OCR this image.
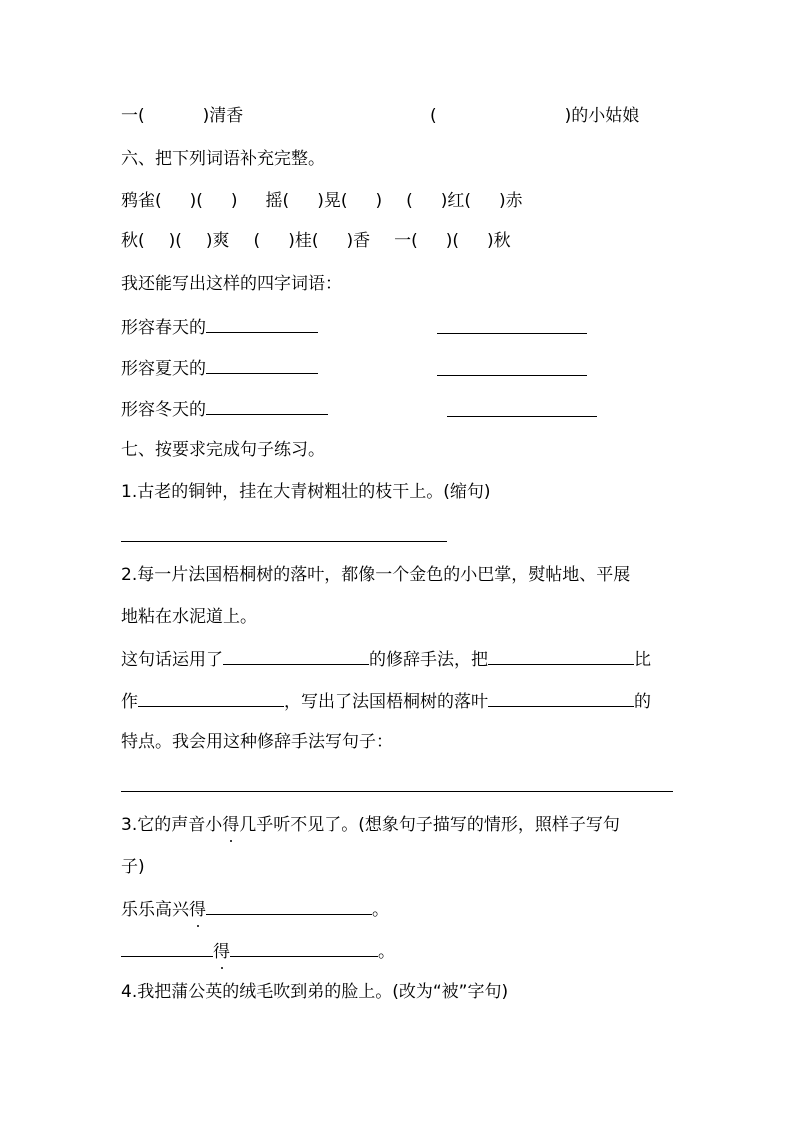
一(	)清香	(	)的小姑娘
六、把下列词语补充完整。
鸦雀( )( ) 摇( )晃( ) ( )红( )赤
秋( )( )爽 ( )桂( )香 一( )( )秋
我还能写出这样的四字词语：
形容春天的
形容夏天的
形容冬天的
七、按要求完成句子练习。
1.古老的铜钟，挂在大青树粗壮的枝干上。(缩句)
2.每一片法国梧桐树的落叶，都像一个金色的小巴掌，熨帖地、平展
地粘在水泥道上。
这句话运用了	的修辞手法，把	比
作	，写出了法国梧桐树的落叶	的
特点。我会用这种修辞手法写句子：
3.它的声音小得几乎听不见了。(想象句子描写的情形，照样子写句
子)
乐乐高兴得	。
得	。
4.我把蒲公英的绒毛吹到弟的脸上。(改为“被”字句)
